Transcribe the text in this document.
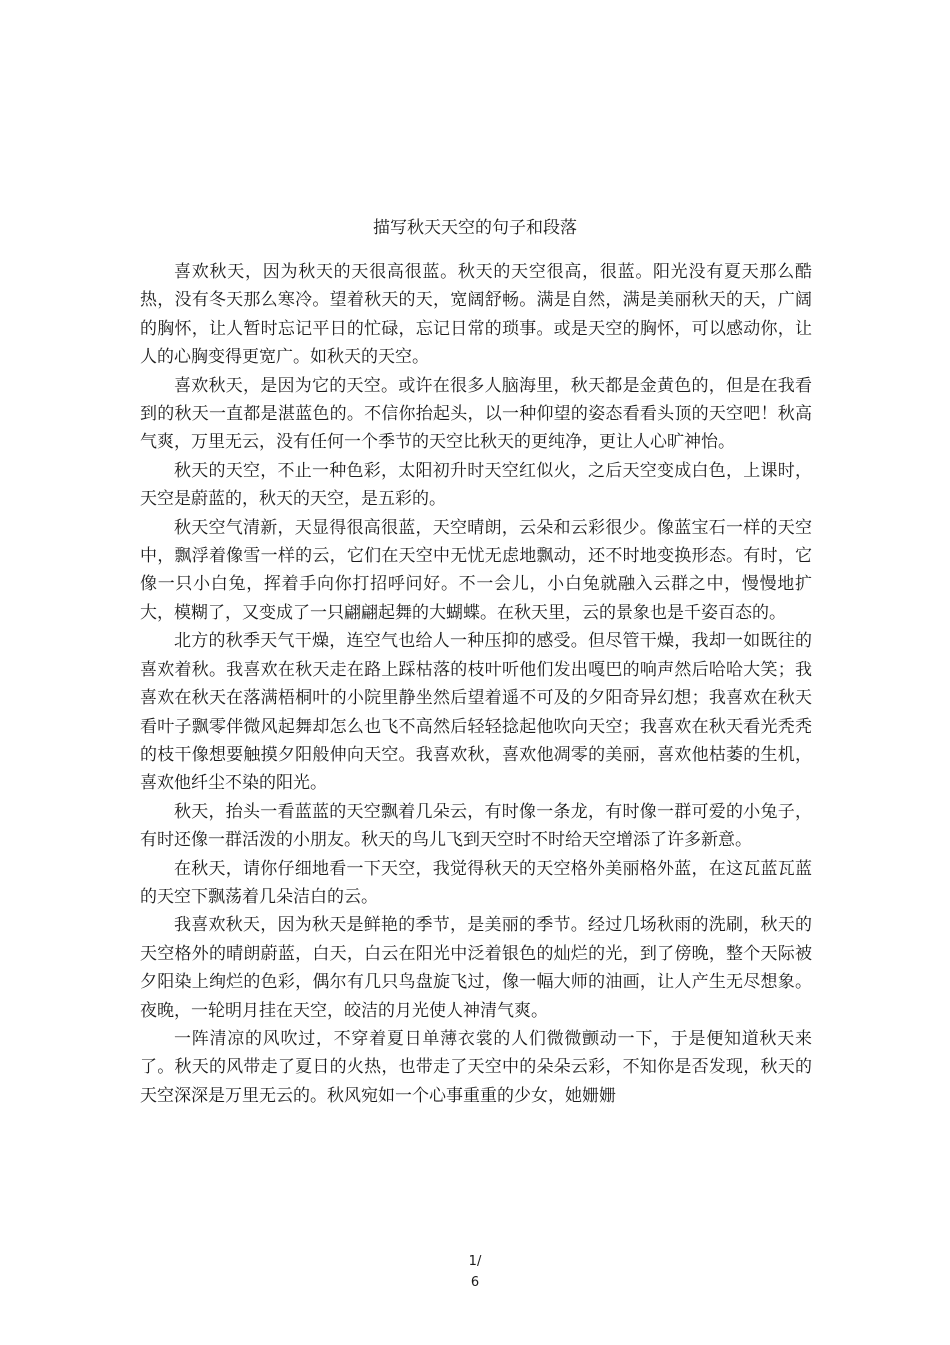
描写秋天天空的句子和段落

喜欢秋天，因为秋天的天很高很蓝。秋天的天空很高，很蓝。阳光没有夏天那么酷热，没有冬天那么寒冷。望着秋天的天，宽阔舒畅。满是自然，满是美丽秋天的天，广阔的胸怀，让人暂时忘记平日的忙碌，忘记日常的琐事。或是天空的胸怀，可以感动你，让人的心胸变得更宽广。如秋天的天空。

喜欢秋天，是因为它的天空。或许在很多人脑海里，秋天都是金黄色的，但是在我看到的秋天一直都是湛蓝色的。不信你抬起头，以一种仰望的姿态看看头顶的天空吧！秋高气爽，万里无云，没有任何一个季节的天空比秋天的更纯净，更让人心旷神怡。

秋天的天空，不止一种色彩，太阳初升时天空红似火，之后天空变成白色，上课时，天空是蔚蓝的，秋天的天空，是五彩的。

秋天空气清新，天显得很高很蓝，天空晴朗，云朵和云彩很少。像蓝宝石一样的天空中，飘浮着像雪一样的云，它们在天空中无忧无虑地飘动，还不时地变换形态。有时，它像一只小白兔，挥着手向你打招呼问好。不一会儿，小白兔就融入云群之中，慢慢地扩大，模糊了，又变成了一只翩翩起舞的大蝴蝶。在秋天里，云的景象也是千姿百态的。

北方的秋季天气干燥，连空气也给人一种压抑的感受。但尽管干燥，我却一如既往的喜欢着秋。我喜欢在秋天走在路上踩枯落的枝叶听他们发出嘎巴的响声然后哈哈大笑；我喜欢在秋天在落满梧桐叶的小院里静坐然后望着遥不可及的夕阳奇异幻想；我喜欢在秋天看叶子飘零伴微风起舞却怎么也飞不高然后轻轻捻起他吹向天空；我喜欢在秋天看光秃秃的枝干像想要触摸夕阳般伸向天空。我喜欢秋，喜欢他凋零的美丽，喜欢他枯萎的生机，喜欢他纤尘不染的阳光。

秋天，抬头一看蓝蓝的天空飘着几朵云，有时像一条龙，有时像一群可爱的小兔子，有时还像一群活泼的小朋友。秋天的鸟儿飞到天空时不时给天空增添了许多新意。

在秋天，请你仔细地看一下天空，我觉得秋天的天空格外美丽格外蓝，在这瓦蓝瓦蓝的天空下飘荡着几朵洁白的云。

我喜欢秋天，因为秋天是鲜艳的季节，是美丽的季节。经过几场秋雨的洗刷，秋天的天空格外的晴朗蔚蓝，白天，白云在阳光中泛着银色的灿烂的光，到了傍晚，整个天际被夕阳染上绚烂的色彩，偶尔有几只鸟盘旋飞过，像一幅大师的油画，让人产生无尽想象。夜晚，一轮明月挂在天空，皎洁的月光使人神清气爽。

一阵清凉的风吹过，不穿着夏日单薄衣裳的人们微微颤动一下，于是便知道秋天来了。秋天的风带走了夏日的火热，也带走了天空中的朵朵云彩，不知你是否发现，秋天的天空深深是万里无云的。秋风宛如一个心事重重的少女，她姗姗

1/
6
